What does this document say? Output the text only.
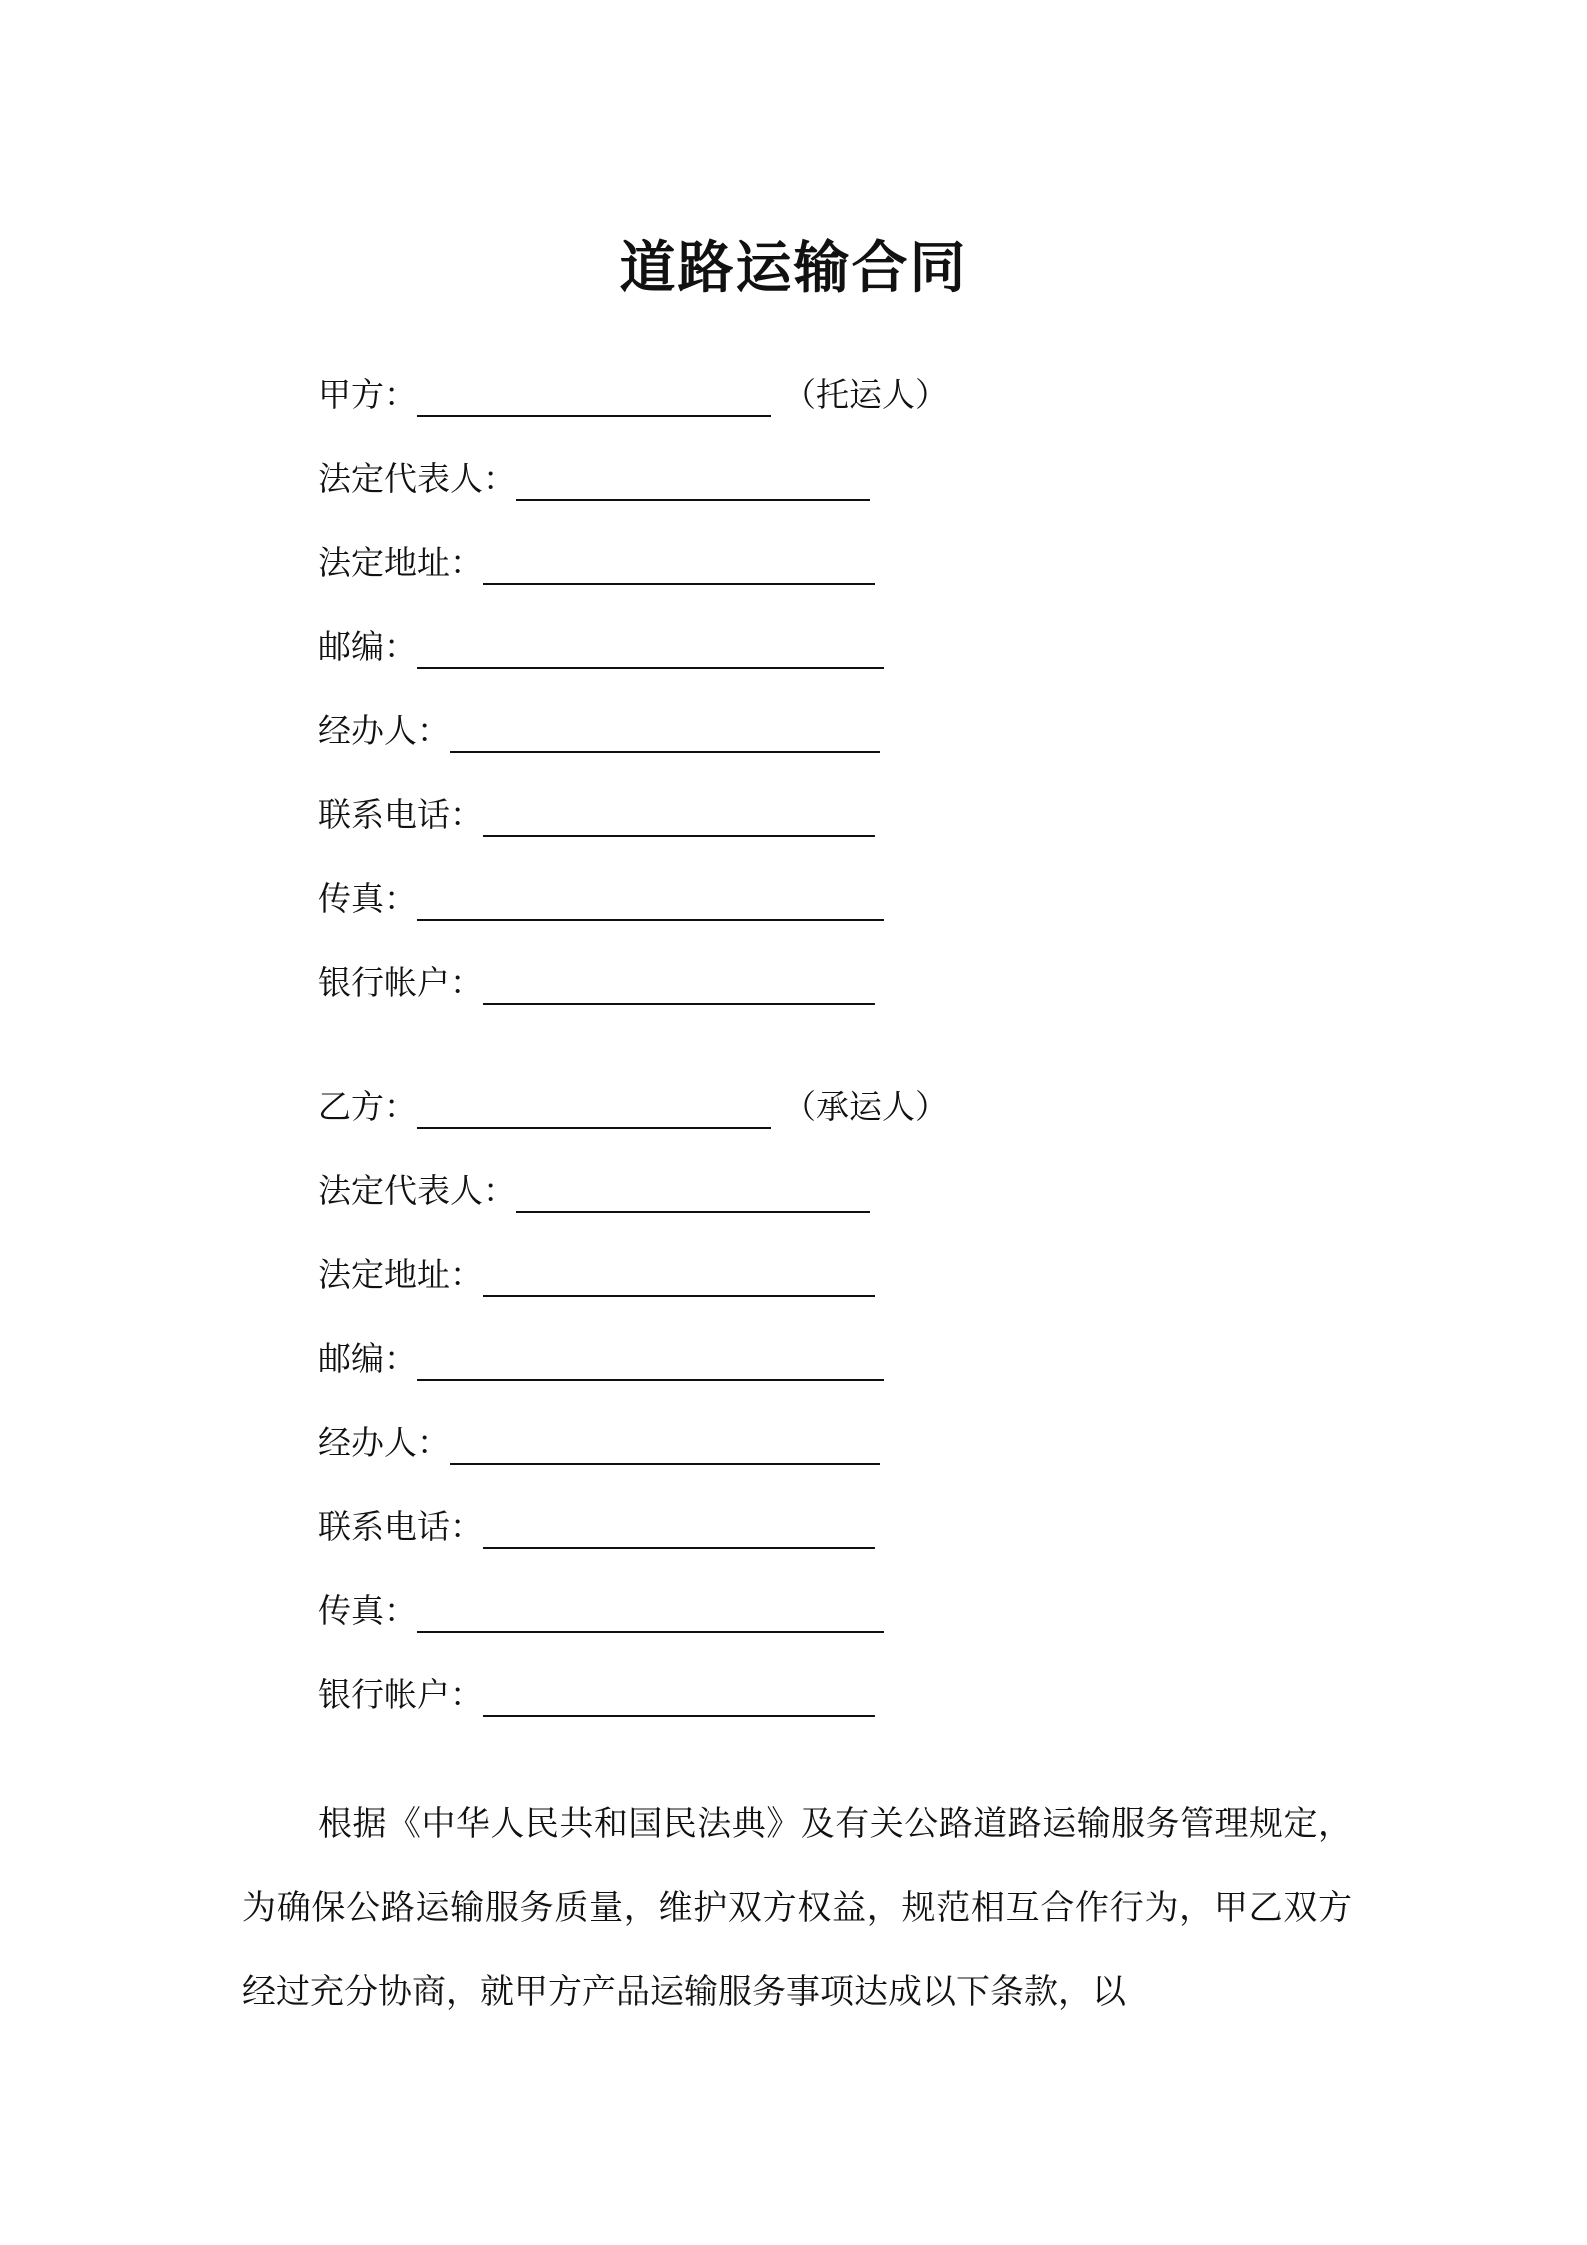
道路运输合同
甲方：	（托运人）
法定代表人：
法定地址：
邮编：
经办人：
联系电话：
传真：
银行帐户：
乙方：	（承运人）
法定代表人：
法定地址：
邮编：
经办人：
联系电话：
传真：
银行帐户：

根据《中华人民共和国民法典》及有关公路道路运输服务管理规定，为确保公路运输服务质量，维护双方权益，规范相互合作行为，甲乙双方经过充分协商，就甲方产品运输服务事项达成以下条款，以
